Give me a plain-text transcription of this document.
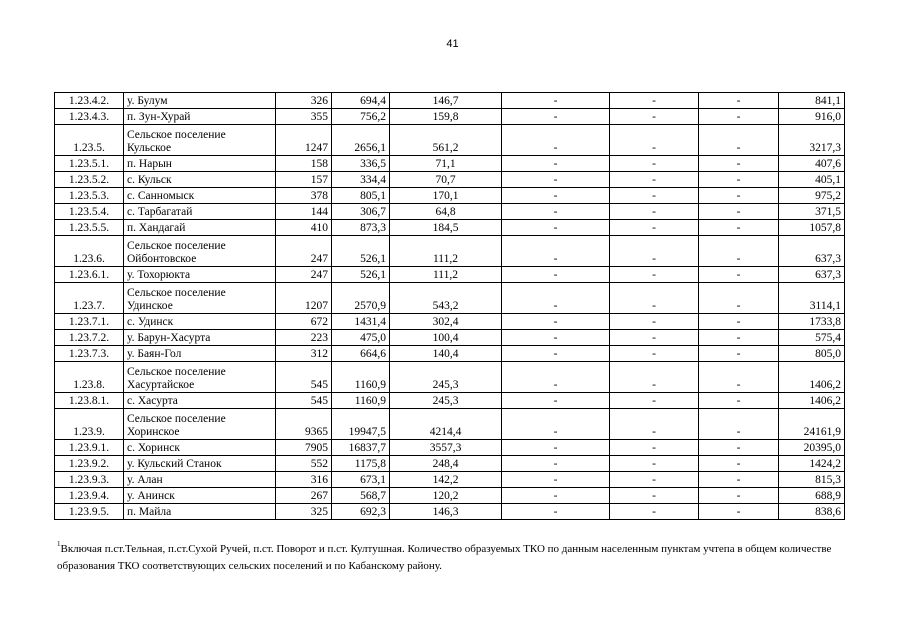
41
1.23.4.2.	у. Булум	326	694,4	146,7	-	-	-	841,1
1.23.4.3.	п. Зун-Хурай	355	756,2	159,8	-	-	-	916,0
1.23.5.	Сельское поселение Кульское	1247	2656,1	561,2	-	-	-	3217,3
1.23.5.1.	п. Нарын	158	336,5	71,1	-	-	-	407,6
1.23.5.2.	с. Кульск	157	334,4	70,7	-	-	-	405,1
1.23.5.3.	с. Санномыск	378	805,1	170,1	-	-	-	975,2
1.23.5.4.	с. Тарбагатай	144	306,7	64,8	-	-	-	371,5
1.23.5.5.	п. Хандагай	410	873,3	184,5	-	-	-	1057,8
1.23.6.	Сельское поселение Ойбонтовское	247	526,1	111,2	-	-	-	637,3
1.23.6.1.	у. Тохорюкта	247	526,1	111,2	-	-	-	637,3
1.23.7.	Сельское поселение Удинское	1207	2570,9	543,2	-	-	-	3114,1
1.23.7.1.	с. Удинск	672	1431,4	302,4	-	-	-	1733,8
1.23.7.2.	у. Барун-Хасурта	223	475,0	100,4	-	-	-	575,4
1.23.7.3.	у. Баян-Гол	312	664,6	140,4	-	-	-	805,0
1.23.8.	Сельское поселение Хасуртайское	545	1160,9	245,3	-	-	-	1406,2
1.23.8.1.	с. Хасурта	545	1160,9	245,3	-	-	-	1406,2
1.23.9.	Сельское поселение Хоринское	9365	19947,5	4214,4	-	-	-	24161,9
1.23.9.1.	с. Хоринск	7905	16837,7	3557,3	-	-	-	20395,0
1.23.9.2.	у. Кульский Станок	552	1175,8	248,4	-	-	-	1424,2
1.23.9.3.	у. Алан	316	673,1	142,2	-	-	-	815,3
1.23.9.4.	у. Анинск	267	568,7	120,2	-	-	-	688,9
1.23.9.5.	п. Майла	325	692,3	146,3	-	-	-	838,6
$^1$Включая п.ст.Тельная, п.ст.Сухой Ручей, п.ст. Поворот и п.ст. Култушная. Количество образуемых ТКО по данным населенным пунктам учтепа в общем количестве образования ТКО соответствующих сельских поселений и по Кабанскому району.
